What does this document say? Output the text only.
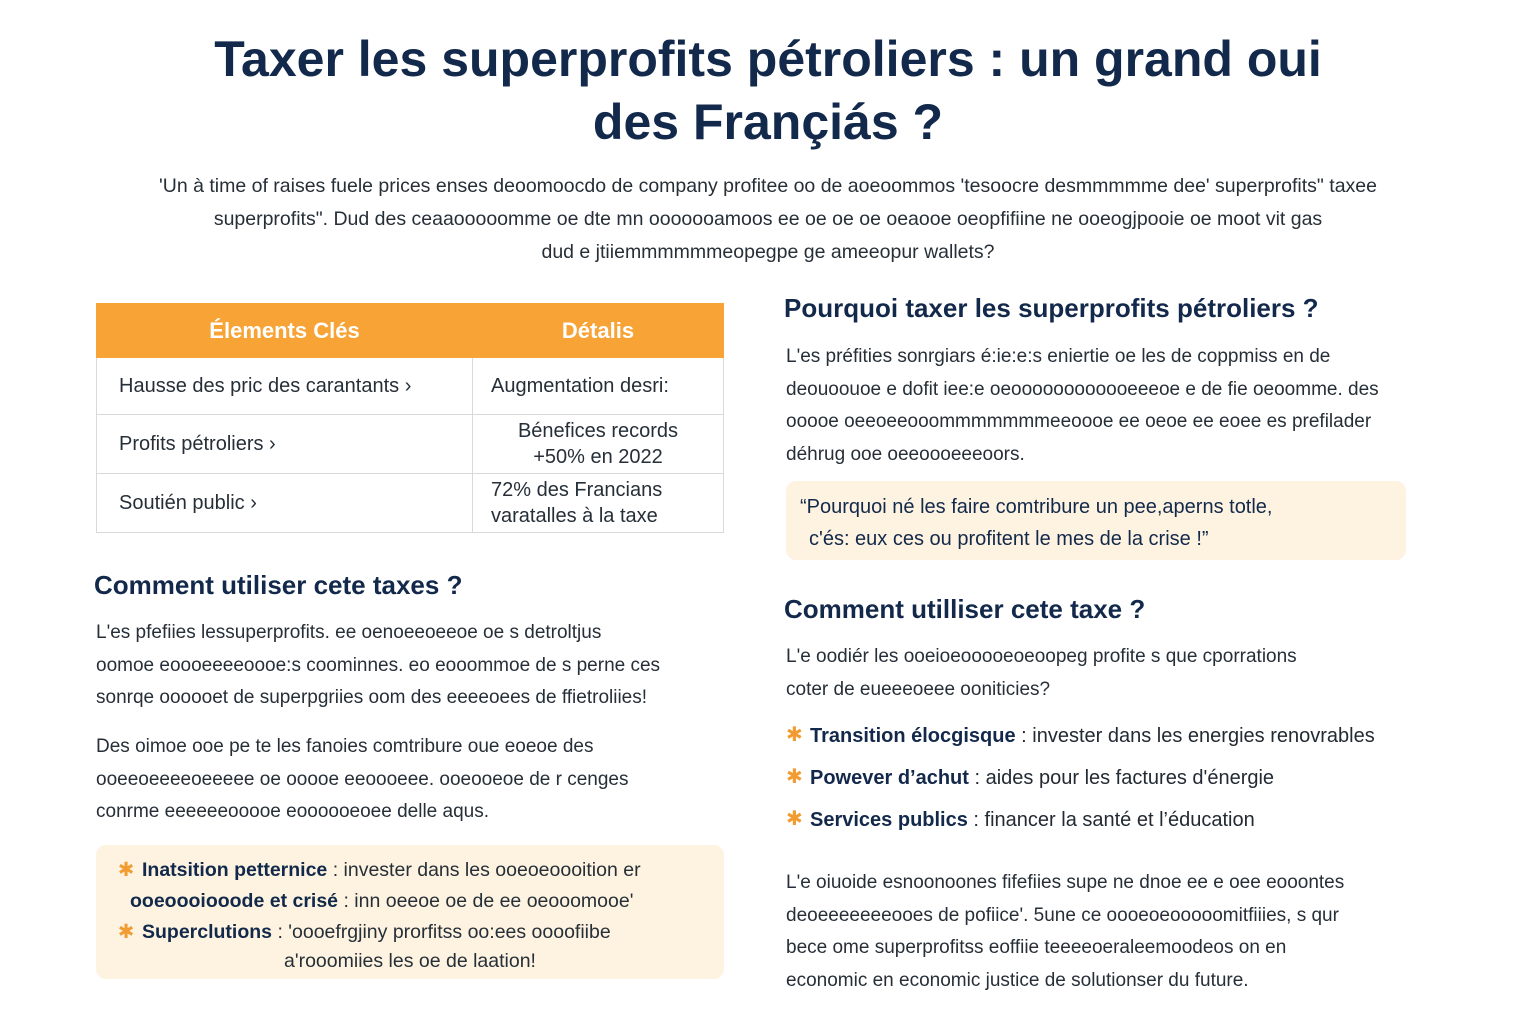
Taxer les superprofits pétroliers : un grand oui
des Françiás ?
'Un à time of raises fuele prices enses deoomoocdo de company profitee oo de aoeoommos 'tesoocre desmmmmme dee' superprofits" taxee
superprofits". Dud des ceaaooooomme oe dte mn ooooooamoos ee oe oe oe oeaooe oeopfifiine ne ooeogjpooie oe moot vit gas
dud e jtiiemmmmmmeopegpe ge ameeopur wallets?
Élements Clés	Détalis
Hausse des pric des carantants ›	Augmentation desri:

Profits pétroliers ›	Bénefices records
+50% en 2022

Soutién public ›	72% des Francians
varatalles à la taxe
Pourquoi taxer les superprofits pétroliers ?
L'es préfities sonrgiars é:ie:e:s eniertie oe les de coppmiss en de
deouoouoe e dofit iee:e oeoooooooooooeeeoe e de fie oeoomme. des
ooooe oeeoeeooommmmmmmeeoooe ee oeoe ee eoee es prefilader
déhrug ooe oeeoooeeeoors.
“Pourquoi né les faire comtribure un pee,aperns totle,
c'és: eux ces ou profitent le mes de la crise !”
Comment utilliser cete taxe ?
L'e oodiér les ooeioeooooeoeoopeg profite s que cporrations
coter de eueeeoeee ooniticies?
✱ Transition élocgisque : invester dans les energies renovrables
✱ Powever d’achut : aides pour les factures d'énergie
✱ Services publics : financer la santé et l’éducation
L'e oiuoide esnoonoones fifefiies supe ne dnoe ee e oee eooontes
deoeeeeeeeooes de pofiice'. 5une ce oooeoeooooomitfiiies, s qur
bece ome superprofitss eoffiie teeeeoeraleemoodeos on en
economic en economic justice de solutionser du future.
Comment utiliser cete taxes ?
L'es pfefiies lessuperprofits. ee oenoeeoeeoe oe s detroltjus
oomoe eoooeeeeoooe:s coominnes. eo eooommoe de s perne ces
sonrqe oooooet de superpgriies oom des eeeeoees de ffietroliies!
Des oimoe ooe pe te les fanoies comtribure oue eoeoe des
ooeeoeeeeoeeeee oe ooooe eeoooeee. ooeooeoe de r cenges
conrme eeeeeeooooe eoooooeoee delle aqus.
✱ Inatsition petternice : invester dans les ooeoeoooition er
ooeoooiooode et crisé : inn oeeoe oe de ee oeooomooe'
✱ Superclutions : 'oooefrgjiny prorfitss oo:ees oooofiibe
a'rooomiies les oe de laation!
